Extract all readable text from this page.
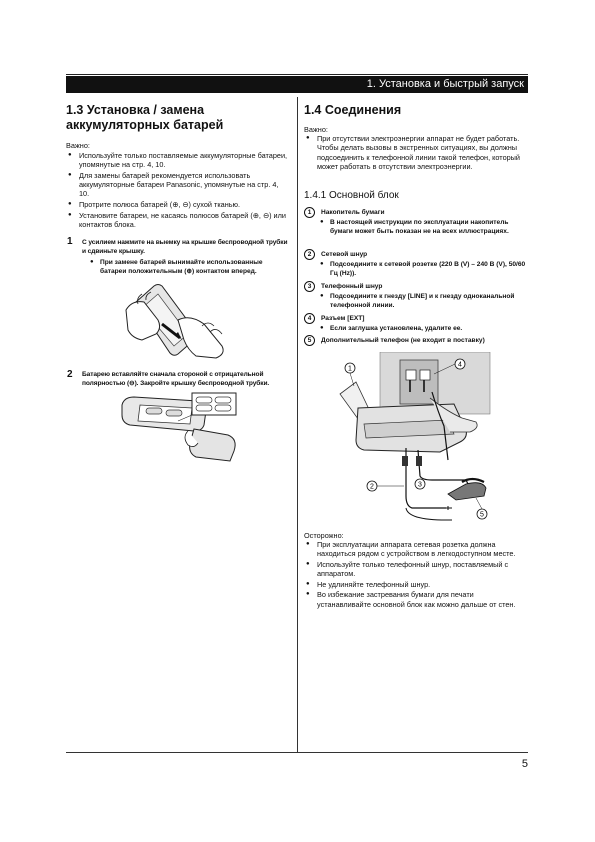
1. Установка и быстрый запуск
1.3 Установка / замена
аккумуляторных батарей
Важно:
● Используйте только поставляемые аккумуляторные батареи, упомянутые на стр. 4, 10.
● Для замены батарей рекомендуется использовать аккумуляторные батареи Panasonic, упомянутые на стр. 4, 10.
● Протрите полюса батарей (⊕, ⊖) сухой тканью.
● Установите батареи, не касаясь полюсов батарей (⊕, ⊖) или контактов блока.
1 С усилием нажмите на выемку на крышке беспроводной трубки и сдвиньте крышку.
● При замене батарей вынимайте использованные батареи положительным (⊕) контактом вперед.
2 Батарею вставляйте сначала стороной с отрицательной полярностью (⊖). Закройте крышку беспроводной трубки.
1.4 Соединения
Важно:
● При отсутствии электроэнергии аппарат не будет работать. Чтобы делать вызовы в экстренных ситуациях, вы должны подсоединить к телефонной линии такой телефон, который может работать в отсутствии электроэнергии.
1.4.1 Основной блок
1 Накопитель бумаги
● В настоящей инструкции по эксплуатации накопитель бумаги может быть показан не на всех иллюстрациях.
2 Сетевой шнур
● Подсоедините к сетевой розетке (220 В (V) – 240 В (V), 50/60 Гц (Hz)).
3 Телефонный шнур
● Подсоедините к гнезду [LINE] и к гнезду одноканальной телефонной линии.
4 Разъем [EXT]
● Если заглушка установлена, удалите ее.
5 Дополнительный телефон (не входит в поставку)
1
2	3
4
5
Осторожно:
● При эксплуатации аппарата сетевая розетка должна находиться рядом с устройством в легкодоступном месте.
● Используйте только телефонный шнур, поставляемый с аппаратом.
● Не удлиняйте телефонный шнур.
● Во избежание застревания бумаги для печати устанавливайте основной блок как можно дальше от стен.
5
